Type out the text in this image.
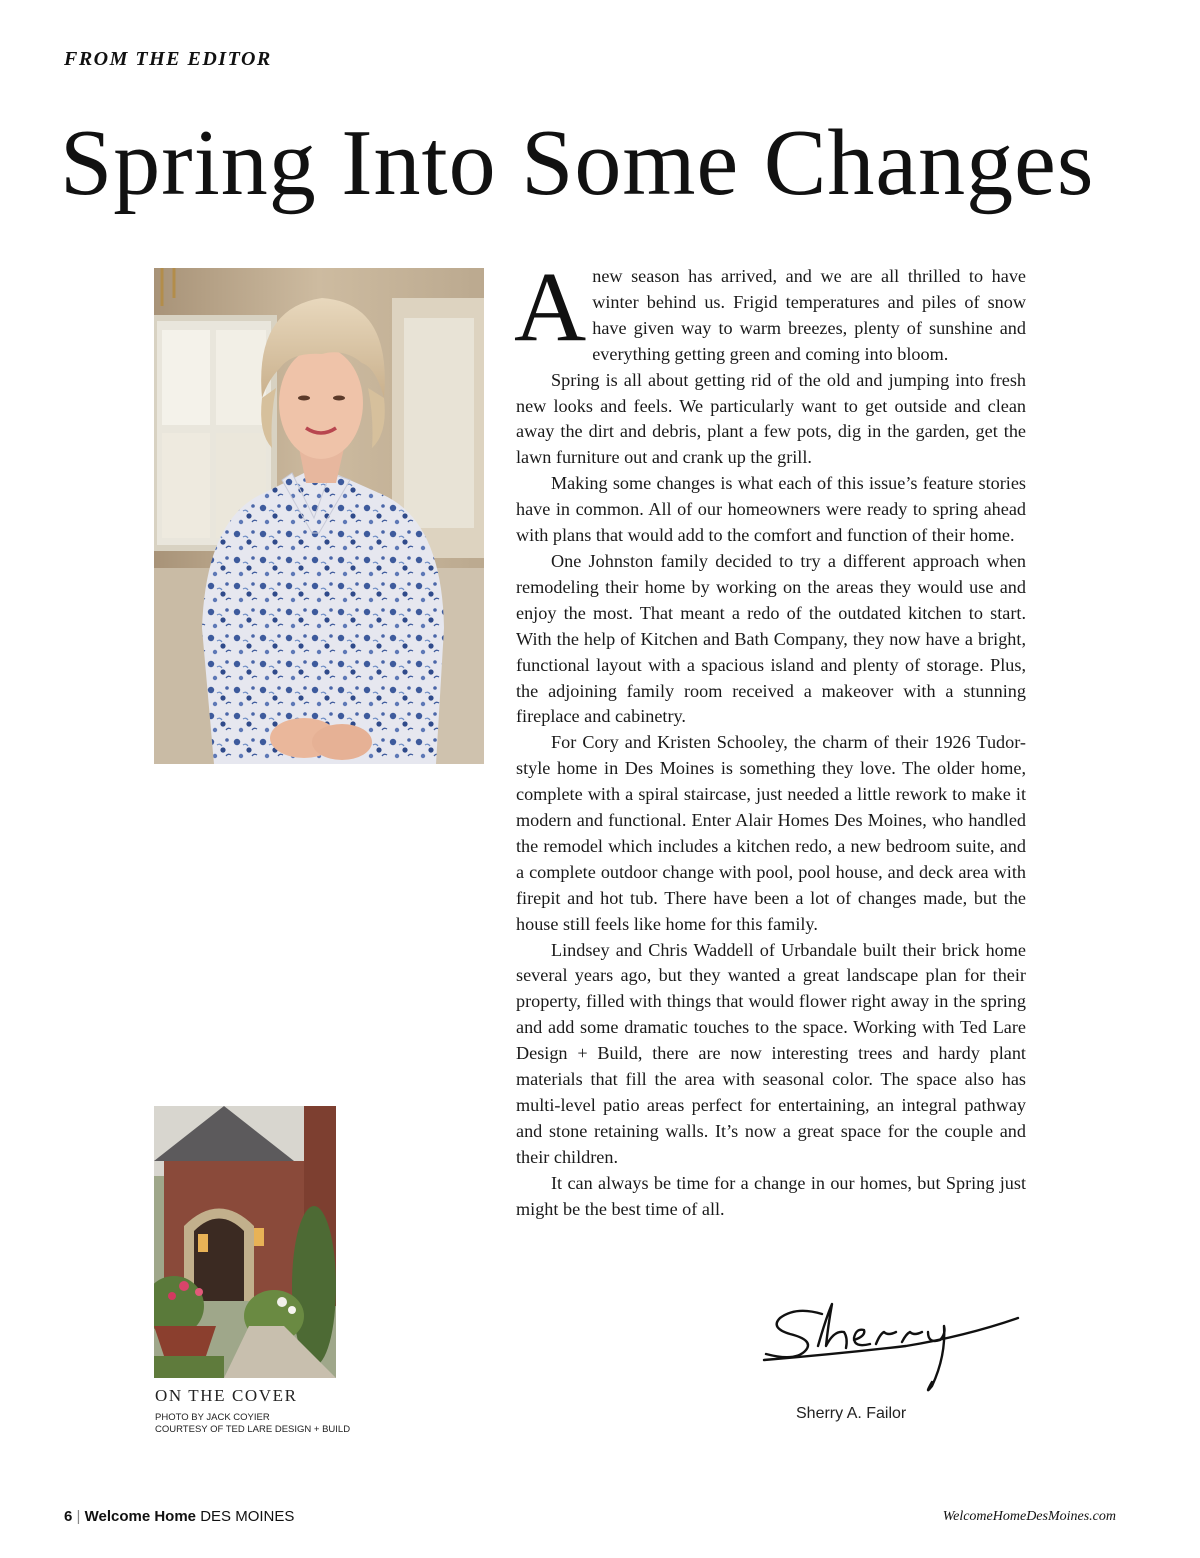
FROM THE EDITOR
Spring Into Some Changes
ON THE COVER
PHOTO BY JACK COYIER
COURTESY OF TED LARE DESIGN + BUILD

A new season has arrived, and we are all thrilled to have winter behind us. Frigid temperatures and piles of snow have given way to warm breezes, plenty of sunshine and everything getting green and coming into bloom.

Spring is all about getting rid of the old and jumping into fresh new looks and feels. We particularly want to get outside and clean away the dirt and debris, plant a few pots, dig in the garden, get the lawn furniture out and crank up the grill.

Making some changes is what each of this issue’s feature stories have in common. All of our homeowners were ready to spring ahead with plans that would add to the comfort and function of their home.

One Johnston family decided to try a different approach when remodeling their home by working on the areas they would use and enjoy the most. That meant a redo of the outdated kitchen to start. With the help of Kitchen and Bath Company, they now have a bright, functional layout with a spacious island and plenty of storage. Plus, the adjoining family room received a makeover with a stunning fireplace and cabinetry.

For Cory and Kristen Schooley, the charm of their 1926 Tudor-style home in Des Moines is something they love. The older home, complete with a spiral staircase, just needed a little rework to make it modern and functional. Enter Alair Homes Des Moines, who handled the remodel which includes a kitchen redo, a new bedroom suite, and a complete outdoor change with pool, pool house, and deck area with firepit and hot tub. There have been a lot of changes made, but the house still feels like home for this family.

Lindsey and Chris Waddell of Urbandale built their brick home several years ago, but they wanted a great landscape plan for their property, filled with things that would flower right away in the spring and add some dramatic touches to the space. Working with Ted Lare Design + Build, there are now interesting trees and hardy plant materials that fill the area with seasonal color. The space also has multi-level patio areas perfect for entertaining, an integral pathway and stone retaining walls. It’s now a great space for the couple and their children.

It can always be time for a change in our homes, but Spring just might be the best time of all.

Sherry A. Failor
6 | Welcome Home DES MOINES	WelcomeHomeDesMoines.com
